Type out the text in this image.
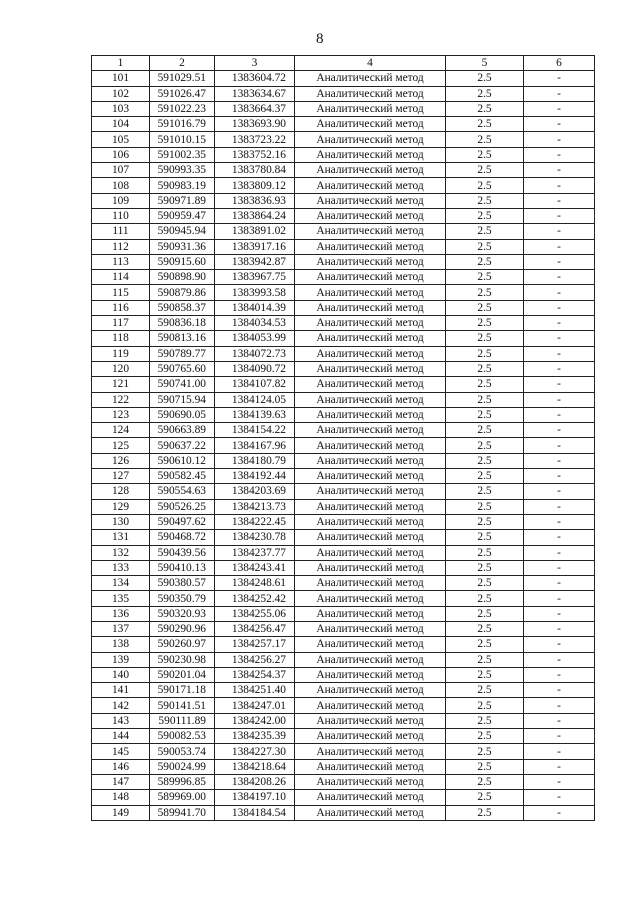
8
1	2	3	4	5	6
101	591029.51	1383604.72	Аналитический метод	2.5	-
102	591026.47	1383634.67	Аналитический метод	2.5	-
103	591022.23	1383664.37	Аналитический метод	2.5	-
104	591016.79	1383693.90	Аналитический метод	2.5	-
105	591010.15	1383723.22	Аналитический метод	2.5	-
106	591002.35	1383752.16	Аналитический метод	2.5	-
107	590993.35	1383780.84	Аналитический метод	2.5	-
108	590983.19	1383809.12	Аналитический метод	2.5	-
109	590971.89	1383836.93	Аналитический метод	2.5	-
110	590959.47	1383864.24	Аналитический метод	2.5	-
111	590945.94	1383891.02	Аналитический метод	2.5	-
112	590931.36	1383917.16	Аналитический метод	2.5	-
113	590915.60	1383942.87	Аналитический метод	2.5	-
114	590898.90	1383967.75	Аналитический метод	2.5	-
115	590879.86	1383993.58	Аналитический метод	2.5	-
116	590858.37	1384014.39	Аналитический метод	2.5	-
117	590836.18	1384034.53	Аналитический метод	2.5	-
118	590813.16	1384053.99	Аналитический метод	2.5	-
119	590789.77	1384072.73	Аналитический метод	2.5	-
120	590765.60	1384090.72	Аналитический метод	2.5	-
121	590741.00	1384107.82	Аналитический метод	2.5	-
122	590715.94	1384124.05	Аналитический метод	2.5	-
123	590690.05	1384139.63	Аналитический метод	2.5	-
124	590663.89	1384154.22	Аналитический метод	2.5	-
125	590637.22	1384167.96	Аналитический метод	2.5	-
126	590610.12	1384180.79	Аналитический метод	2.5	-
127	590582.45	1384192.44	Аналитический метод	2.5	-
128	590554.63	1384203.69	Аналитический метод	2.5	-
129	590526.25	1384213.73	Аналитический метод	2.5	-
130	590497.62	1384222.45	Аналитический метод	2.5	-
131	590468.72	1384230.78	Аналитический метод	2.5	-
132	590439.56	1384237.77	Аналитический метод	2.5	-
133	590410.13	1384243.41	Аналитический метод	2.5	-
134	590380.57	1384248.61	Аналитический метод	2.5	-
135	590350.79	1384252.42	Аналитический метод	2.5	-
136	590320.93	1384255.06	Аналитический метод	2.5	-
137	590290.96	1384256.47	Аналитический метод	2.5	-
138	590260.97	1384257.17	Аналитический метод	2.5	-
139	590230.98	1384256.27	Аналитический метод	2.5	-
140	590201.04	1384254.37	Аналитический метод	2.5	-
141	590171.18	1384251.40	Аналитический метод	2.5	-
142	590141.51	1384247.01	Аналитический метод	2.5	-
143	590111.89	1384242.00	Аналитический метод	2.5	-
144	590082.53	1384235.39	Аналитический метод	2.5	-
145	590053.74	1384227.30	Аналитический метод	2.5	-
146	590024.99	1384218.64	Аналитический метод	2.5	-
147	589996.85	1384208.26	Аналитический метод	2.5	-
148	589969.00	1384197.10	Аналитический метод	2.5	-
149	589941.70	1384184.54	Аналитический метод	2.5	-
